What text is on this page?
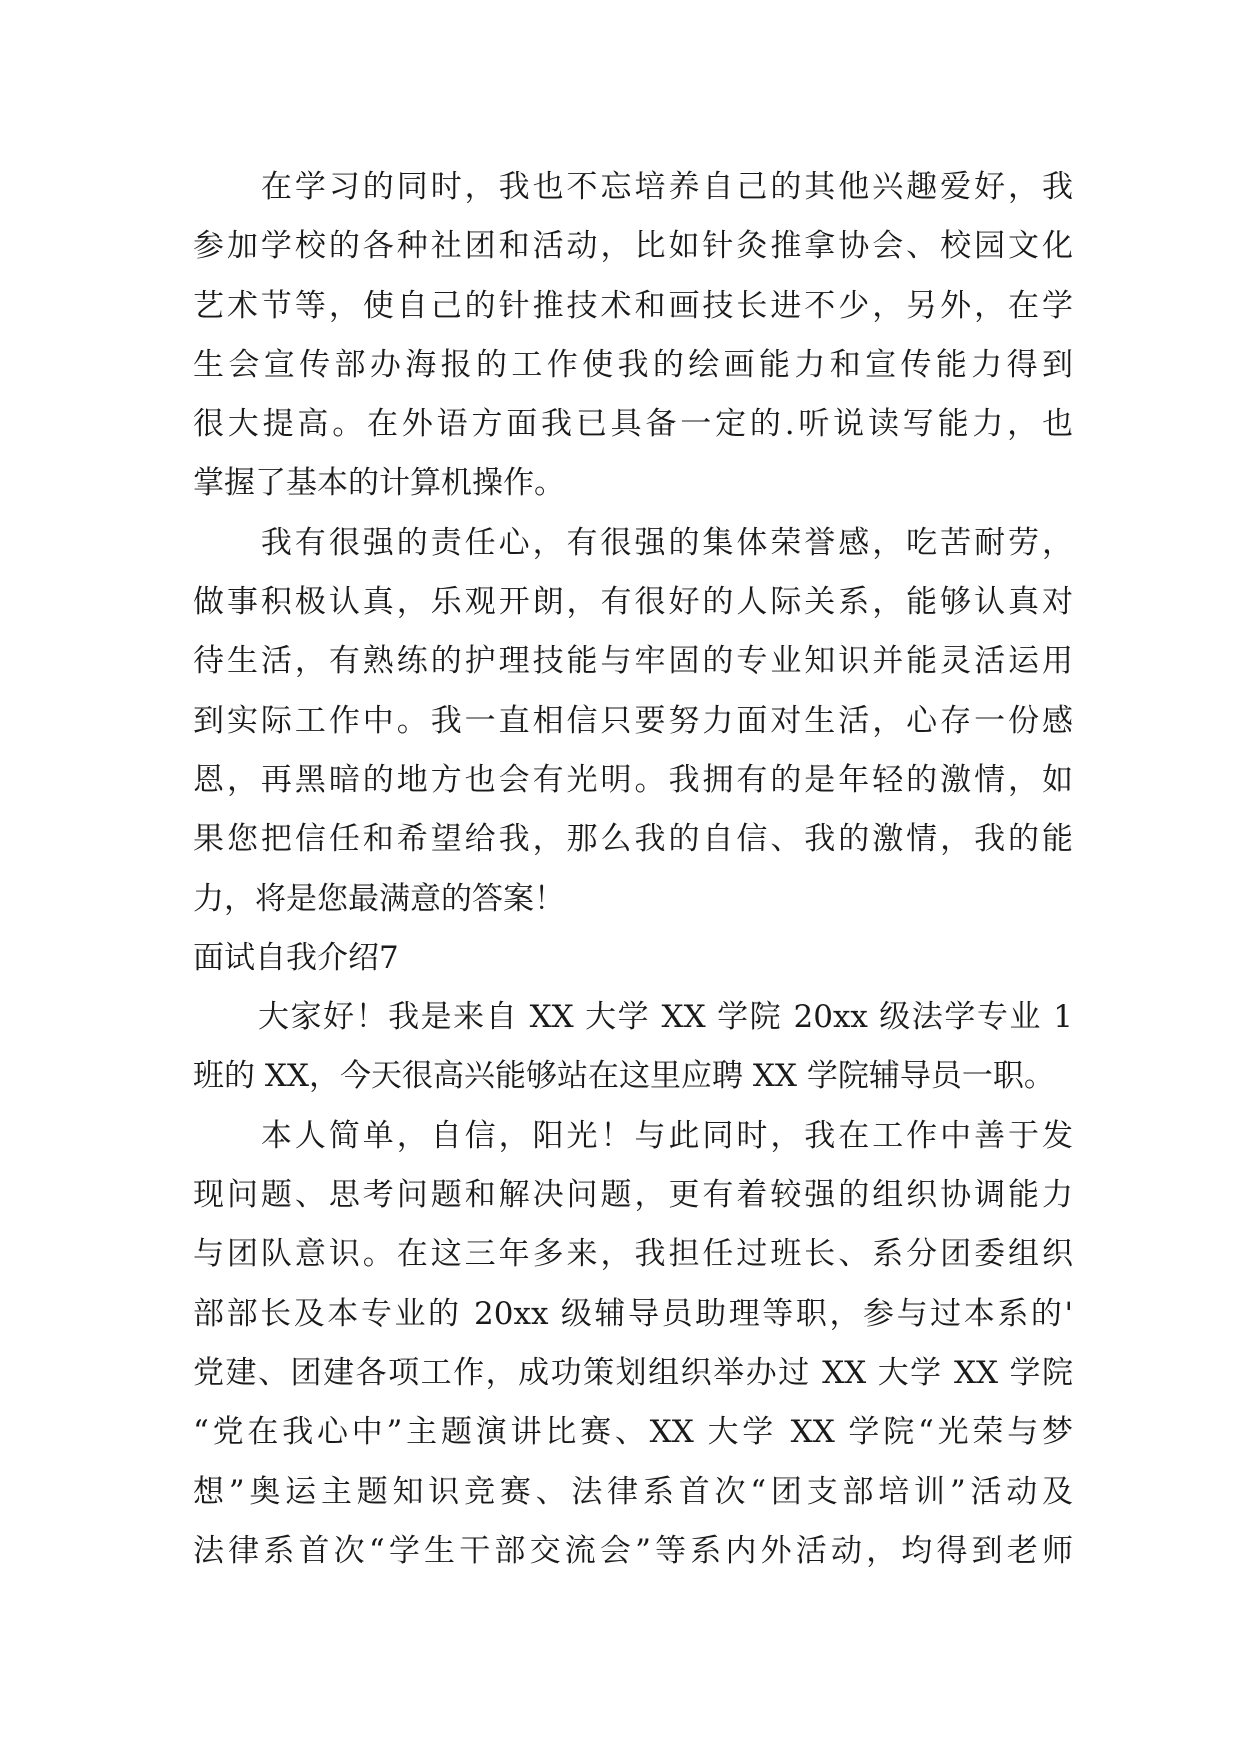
　　在学习的同时，我也不忘培养自己的其他兴趣爱好，我
参加学校的各种社团和活动，比如针灸推拿协会、校园文化
艺术节等，使自己的针推技术和画技长进不少，另外，在学
生会宣传部办海报的工作使我的绘画能力和宣传能力得到
很大提高。在外语方面我已具备一定的.听说读写能力，也
掌握了基本的计算机操作。

　　我有很强的责任心，有很强的集体荣誉感，吃苦耐劳，
做事积极认真，乐观开朗，有很好的人际关系，能够认真对
待生活，有熟练的护理技能与牢固的专业知识并能灵活运用
到实际工作中。我一直相信只要努力面对生活，心存一份感
恩，再黑暗的地方也会有光明。我拥有的是年轻的激情，如
果您把信任和希望给我，那么我的自信、我的激情，我的能
力，将是您最满意的答案！

面试自我介绍7

　　大家好！我是来自 XX 大学 XX 学院 20xx 级法学专业 1
班的 XX，今天很高兴能够站在这里应聘 XX 学院辅导员一职。

　　本人简单，自信，阳光！与此同时，我在工作中善于发
现问题、思考问题和解决问题，更有着较强的组织协调能力
与团队意识。在这三年多来，我担任过班长、系分团委组织
部部长及本专业的 20xx 级辅导员助理等职，参与过本系的'
党建、团建各项工作，成功策划组织举办过 XX 大学 XX 学院
“党在我心中”主题演讲比赛、XX 大学 XX 学院“光荣与梦
想”奥运主题知识竞赛、法律系首次“团支部培训”活动及
法律系首次“学生干部交流会”等系内外活动，均得到老师
